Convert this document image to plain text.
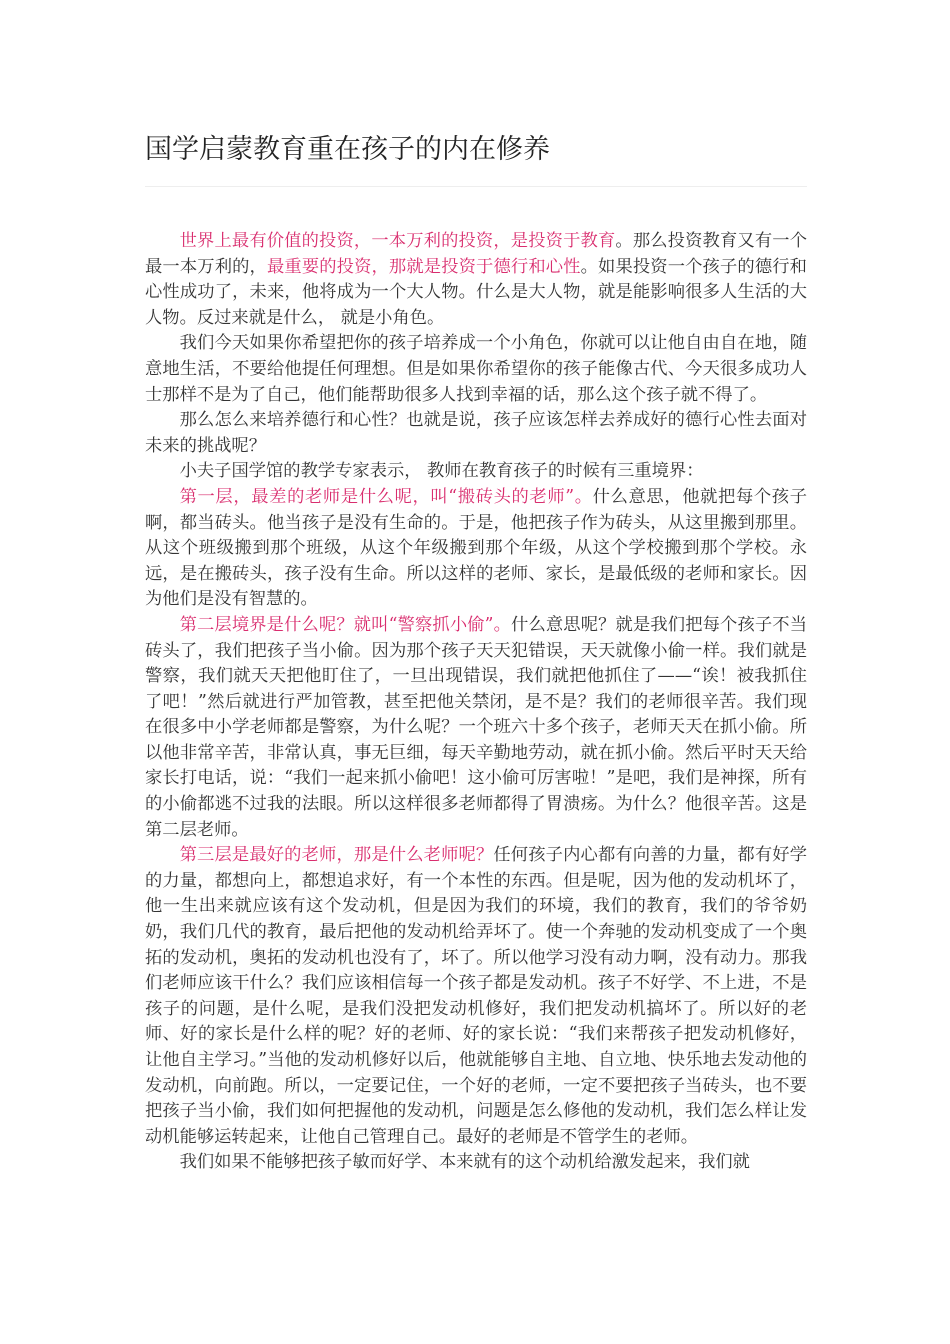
国学启蒙教育重在孩子的内在修养

世界上最有价值的投资，一本万利的投资，是投资于教育。那么投资教育又有一个最一本万利的，最重要的投资，那就是投资于德行和心性。如果投资一个孩子的德行和心性成功了，未来，他将成为一个大人物。什么是大人物，就是能影响很多人生活的大人物。反过来就是什么， 就是小角色。

我们今天如果你希望把你的孩子培养成一个小角色，你就可以让他自由自在地，随意地生活，不要给他提任何理想。但是如果你希望你的孩子能像古代、今天很多成功人士那样不是为了自己，他们能帮助很多人找到幸福的话，那么这个孩子就不得了。

那么怎么来培养德行和心性？也就是说，孩子应该怎样去养成好的德行心性去面对未来的挑战呢？

小夫子国学馆的教学专家表示， 教师在教育孩子的时候有三重境界：

第一层，最差的老师是什么呢，叫“搬砖头的老师”。什么意思，他就把每个孩子啊，都当砖头。他当孩子是没有生命的。于是，他把孩子作为砖头，从这里搬到那里。从这个班级搬到那个班级，从这个年级搬到那个年级，从这个学校搬到那个学校。永远，是在搬砖头，孩子没有生命。所以这样的老师、家长，是最低级的老师和家长。因为他们是没有智慧的。

第二层境界是什么呢？就叫“警察抓小偷”。什么意思呢？就是我们把每个孩子不当砖头了，我们把孩子当小偷。因为那个孩子天天犯错误，天天就像小偷一样。我们就是警察，我们就天天把他盯住了，一旦出现错误，我们就把他抓住了——“诶！被我抓住了吧！”然后就进行严加管教，甚至把他关禁闭，是不是？我们的老师很辛苦。我们现在很多中小学老师都是警察，为什么呢？一个班六十多个孩子，老师天天在抓小偷。所以他非常辛苦，非常认真，事无巨细，每天辛勤地劳动，就在抓小偷。然后平时天天给家长打电话，说：“我们一起来抓小偷吧！这小偷可厉害啦！”是吧，我们是神探，所有的小偷都逃不过我的法眼。所以这样很多老师都得了胃溃疡。为什么？他很辛苦。这是第二层老师。

第三层是最好的老师，那是什么老师呢？任何孩子内心都有向善的力量，都有好学的力量，都想向上，都想追求好，有一个本性的东西。但是呢，因为他的发动机坏了，他一生出来就应该有这个发动机，但是因为我们的环境，我们的教育，我们的爷爷奶奶，我们几代的教育，最后把他的发动机给弄坏了。使一个奔驰的发动机变成了一个奥拓的发动机，奥拓的发动机也没有了，坏了。所以他学习没有动力啊，没有动力。那我们老师应该干什么？我们应该相信每一个孩子都是发动机。孩子不好学、不上进，不是孩子的问题，是什么呢，是我们没把发动机修好，我们把发动机搞坏了。所以好的老师、好的家长是什么样的呢？好的老师、好的家长说：“我们来帮孩子把发动机修好，让他自主学习。”当他的发动机修好以后，他就能够自主地、自立地、快乐地去发动他的发动机，向前跑。所以，一定要记住，一个好的老师，一定不要把孩子当砖头，也不要把孩子当小偷，我们如何把握他的发动机，问题是怎么修他的发动机，我们怎么样让发动机能够运转起来，让他自己管理自己。最好的老师是不管学生的老师。

我们如果不能够把孩子敏而好学、本来就有的这个动机给激发起来，我们就
